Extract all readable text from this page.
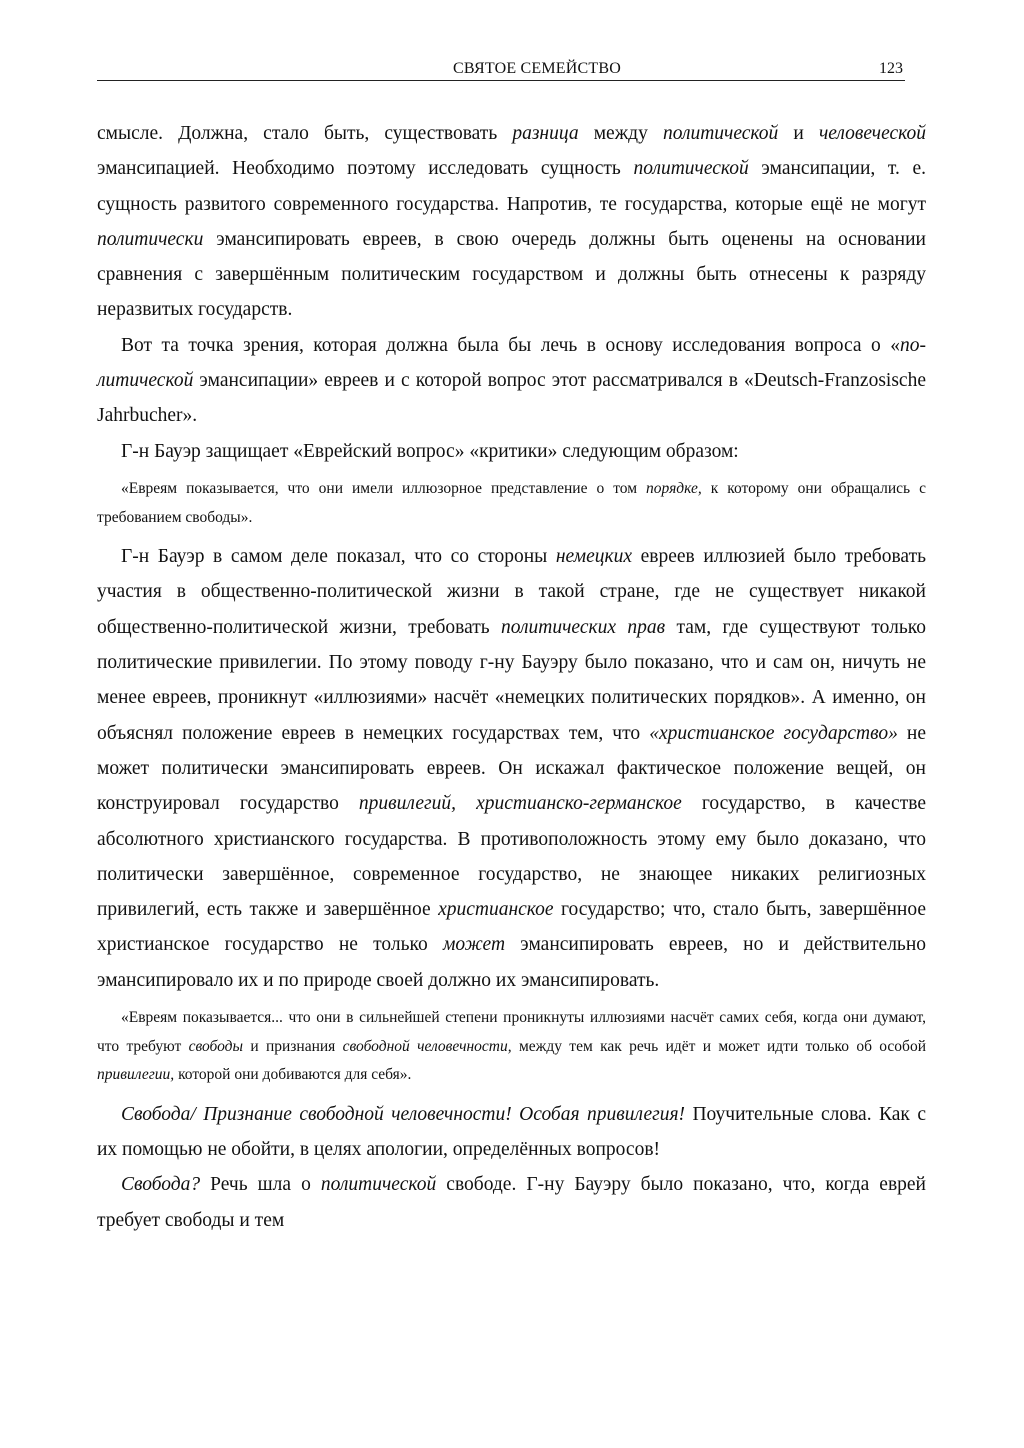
СВЯТОЕ СЕМЕЙСТВО	123

смысле. Должна, стало быть, существовать разница между политической и человеческой эмансипацией. Необходимо поэтому исследовать сущность политической эмансипации, т. е. сущность развитого современного государства. Напротив, те государства, которые ещё не могут политически эмансипировать евреев, в свою очередь должны быть оценены на основании сравнения с завершённым политическим государством и должны быть отнесены к разряду неразвитых государств.

Вот та точка зрения, которая должна была бы лечь в основу исследования вопроса о «политической эмансипации» евреев и с которой вопрос этот рассматривался в «Deutsch-Franzosische Jahrbucher».

Г-н Бауэр защищает «Еврейский вопрос» «критики» следующим образом:

«Евреям показывается, что они имели иллюзорное представление о том порядке, к которому они обращались с требованием свободы».

Г-н Бауэр в самом деле показал, что со стороны немецких евреев иллюзией было требовать участия в общественно-политической жизни в такой стране, где не существует никакой общественно-политической жизни, требовать политических прав там, где существуют только политические привилегии. По этому поводу г-ну Бауэру было показано, что и сам он, ничуть не менее евреев, проникнут «иллюзиями» насчёт «немецких политических порядков». А именно, он объяснял положение евреев в немецких государствах тем, что «христианское государство» не может политически эмансипировать евреев. Он искажал фактическое положение вещей, он конструировал государство привилегий, христианско-германское государство, в качестве абсолютного христианского государства. В противоположность этому ему было доказано, что политически завершённое, современное государство, не знающее никаких религиозных привилегий, есть также и завершённое христианское государство; что, стало быть, завершённое христианское государство не только может эмансипировать евреев, но и действительно эмансипировало их и по природе своей должно их эмансипировать.

«Евреям показывается... что они в сильнейшей степени проникнуты иллюзиями насчёт самих себя, когда они думают, что требуют свободы и признания свободной человечности, между тем как речь идёт и может идти только об особой привилегии, которой они добиваются для себя».

Свобода/ Признание свободной человечности! Особая привилегия! Поучительные слова. Как с их помощью не обойти, в целях апологии, определённых вопросов!

Свобода? Речь шла о политической свободе. Г-ну Бауэру было показано, что, когда еврей требует свободы и тем
